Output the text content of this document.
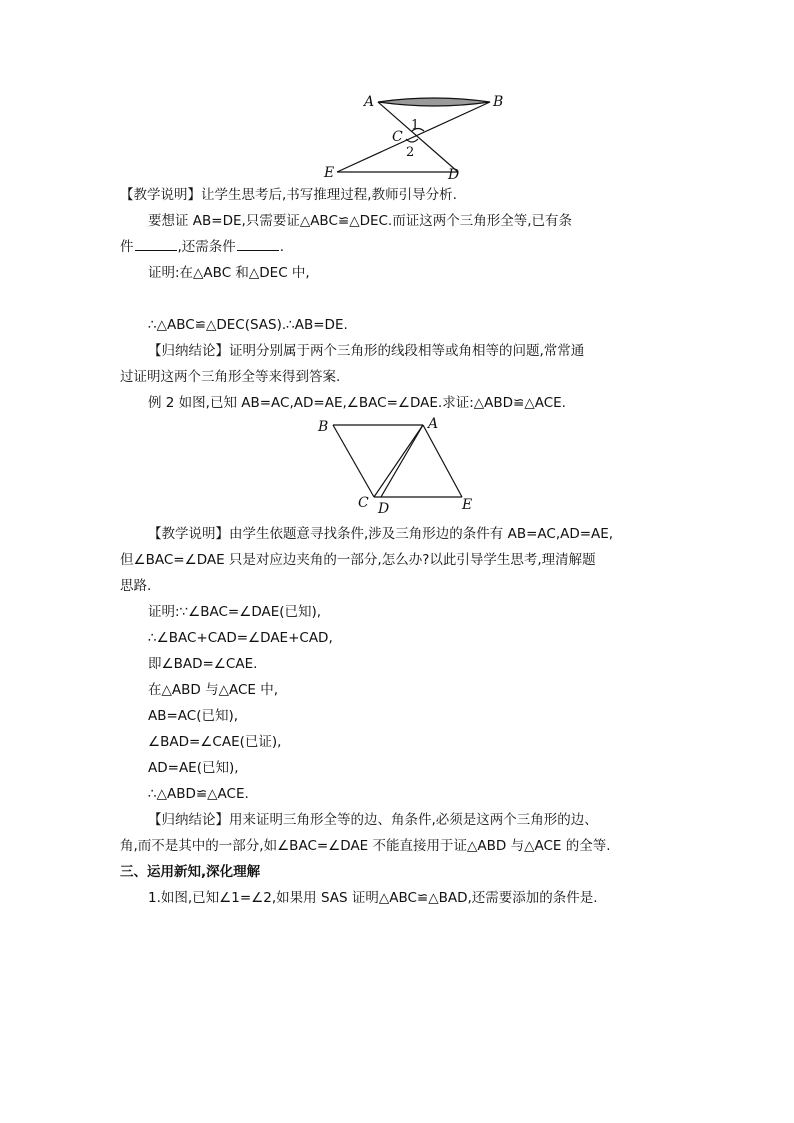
A	B
C
1
2
E	D
【教学说明】让学生思考后,书写推理过程,教师引导分析.
要想证 AB=DE,只需要证△ABC≌△DEC.而证这两个三角形全等,已有条
件	,还需条件	.
证明:在△ABC 和△DEC 中,
∴△ABC≌△DEC(SAS).∴AB=DE.
【归纳结论】证明分别属于两个三角形的线段相等或角相等的问题,常常通
过证明这两个三角形全等来得到答案.
例 2 如图,已知 AB=AC,AD=AE,∠BAC=∠DAE.求证:△ABD≌△ACE.
B	A
C D	E
【教学说明】由学生依题意寻找条件,涉及三角形边的条件有 AB=AC,AD=AE,
但∠BAC=∠DAE 只是对应边夹角的一部分,怎么办?以此引导学生思考,理清解题
思路.
证明:∵∠BAC=∠DAE(已知),
∴∠BAC+CAD=∠DAE+CAD,
即∠BAD=∠CAE.
在△ABD 与△ACE 中,
AB=AC(已知),
∠BAD=∠CAE(已证),
AD=AE(已知),
∴△ABD≌△ACE.
【归纳结论】用来证明三角形全等的边、角条件,必须是这两个三角形的边、
角,而不是其中的一部分,如∠BAC=∠DAE 不能直接用于证△ABD 与△ACE 的全等.
三、运用新知,深化理解
1.如图,已知∠1=∠2,如果用 SAS 证明△ABC≌△BAD,还需要添加的条件是.
